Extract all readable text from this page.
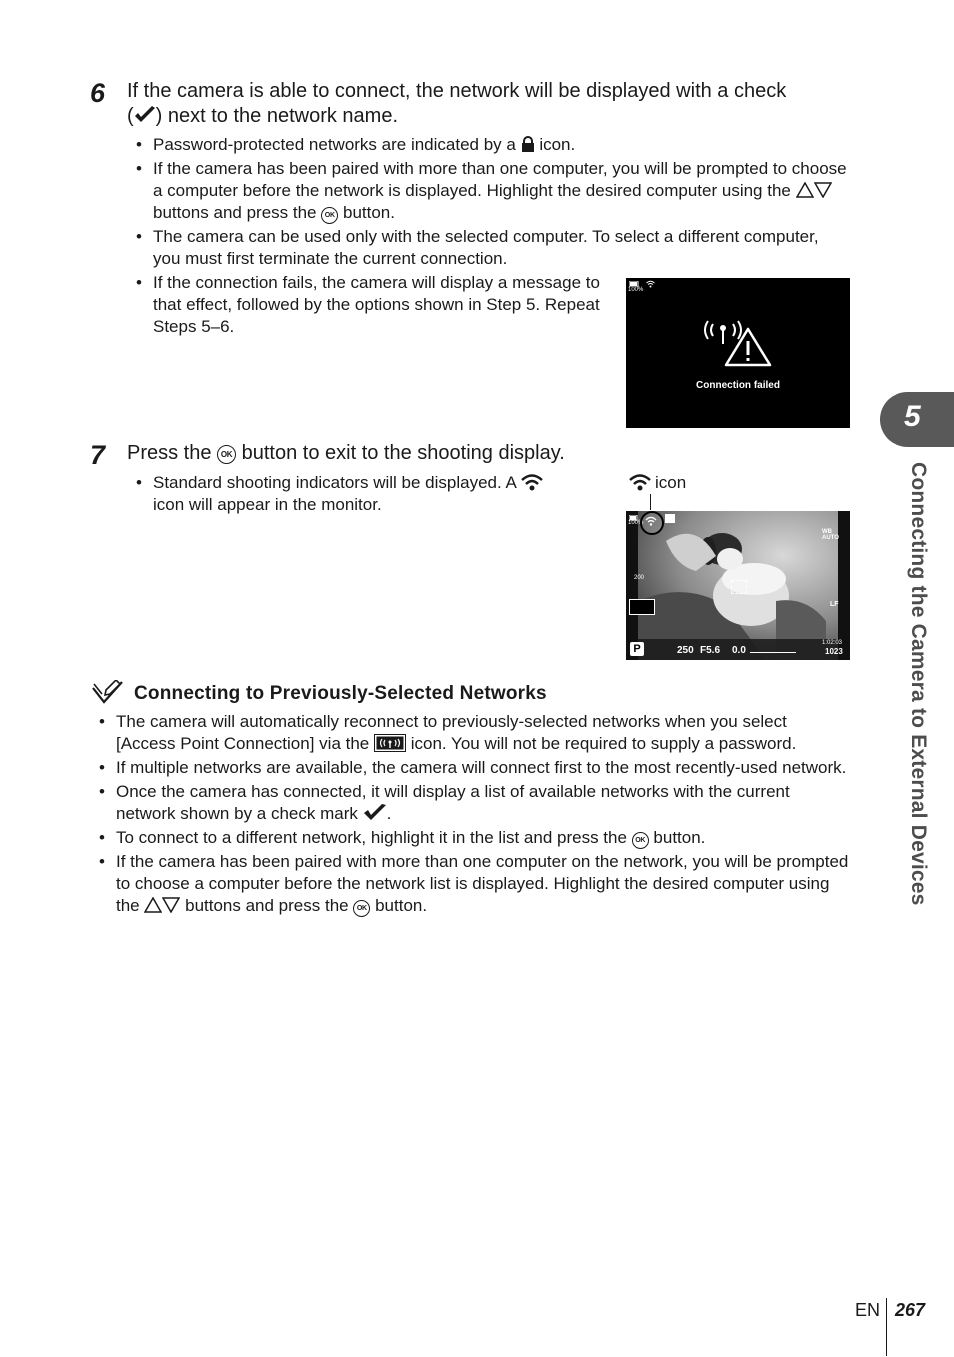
6 If the camera is able to connect, the network will be displayed with a check
( ) next to the network name.
• Password-protected networks are indicated by a icon.
• If the camera has been paired with more than one computer, you will be prompted to choose a computer before the network is displayed. Highlight the desired computer using the  buttons and press the OK button.
• The camera can be used only with the selected computer. To select a different computer, you must first terminate the current connection.
• If the connection fails, the camera will display a message to that effect, followed by the options shown in Step 5. Repeat Steps 5–6.
100%
Connection failed
7 Press the OK button to exit to the shooting display.
• Standard shooting indicators will be displayed. A
icon will appear in the monitor.
icon
100%
WB AUTO
200
LF
P	250 F5.6 0.0
1:02:03
1023
Connecting to Previously-Selected Networks
• The camera will automatically reconnect to previously-selected networks when you select [Access Point Connection] via the icon. You will not be required to supply a password.
• If multiple networks are available, the camera will connect first to the most recently-used network.
• Once the camera has connected, it will display a list of available networks with the current network shown by a check mark .
• To connect to a different network, highlight it in the list and press the OK button.
• If the camera has been paired with more than one computer on the network, you will be prompted to choose a computer before the network list is displayed. Highlight the desired computer using the	buttons and press the OK button.
5
Connecting the Camera to External Devices
EN 267
